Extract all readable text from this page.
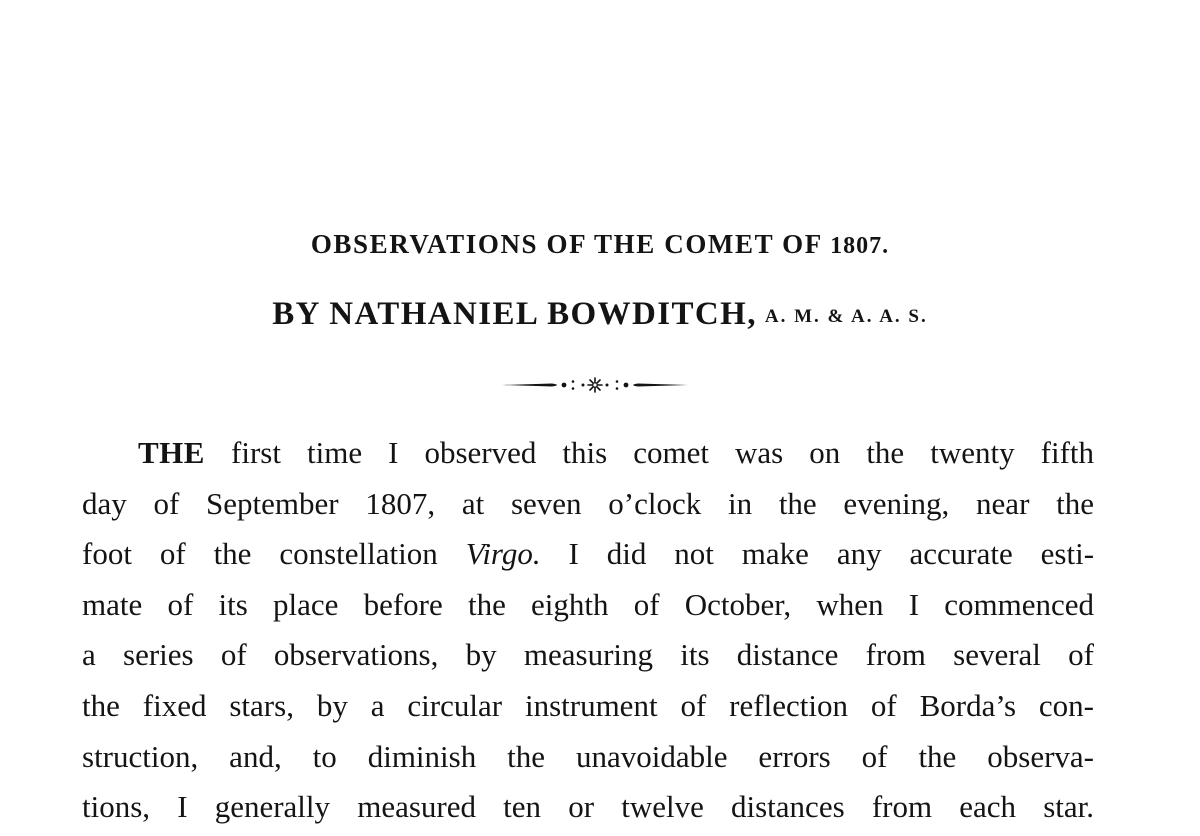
OBSERVATIONS OF THE COMET OF 1807.
BY NATHANIEL BOWDITCH, A. M. & A. A. S.
THE first time I observed this comet was on the twenty fifth
day of September 1807, at seven o’clock in the evening, near the
foot of the constellation Virgo. I did not make any accurate esti-
mate of its place before the eighth of October, when I commenced
a series of observations, by measuring its distance from several of
the fixed stars, by a circular instrument of reflection of Borda’s con-
struction, and, to diminish the unavoidable errors of the observa-
tions, I generally measured ten or twelve distances from each star.
